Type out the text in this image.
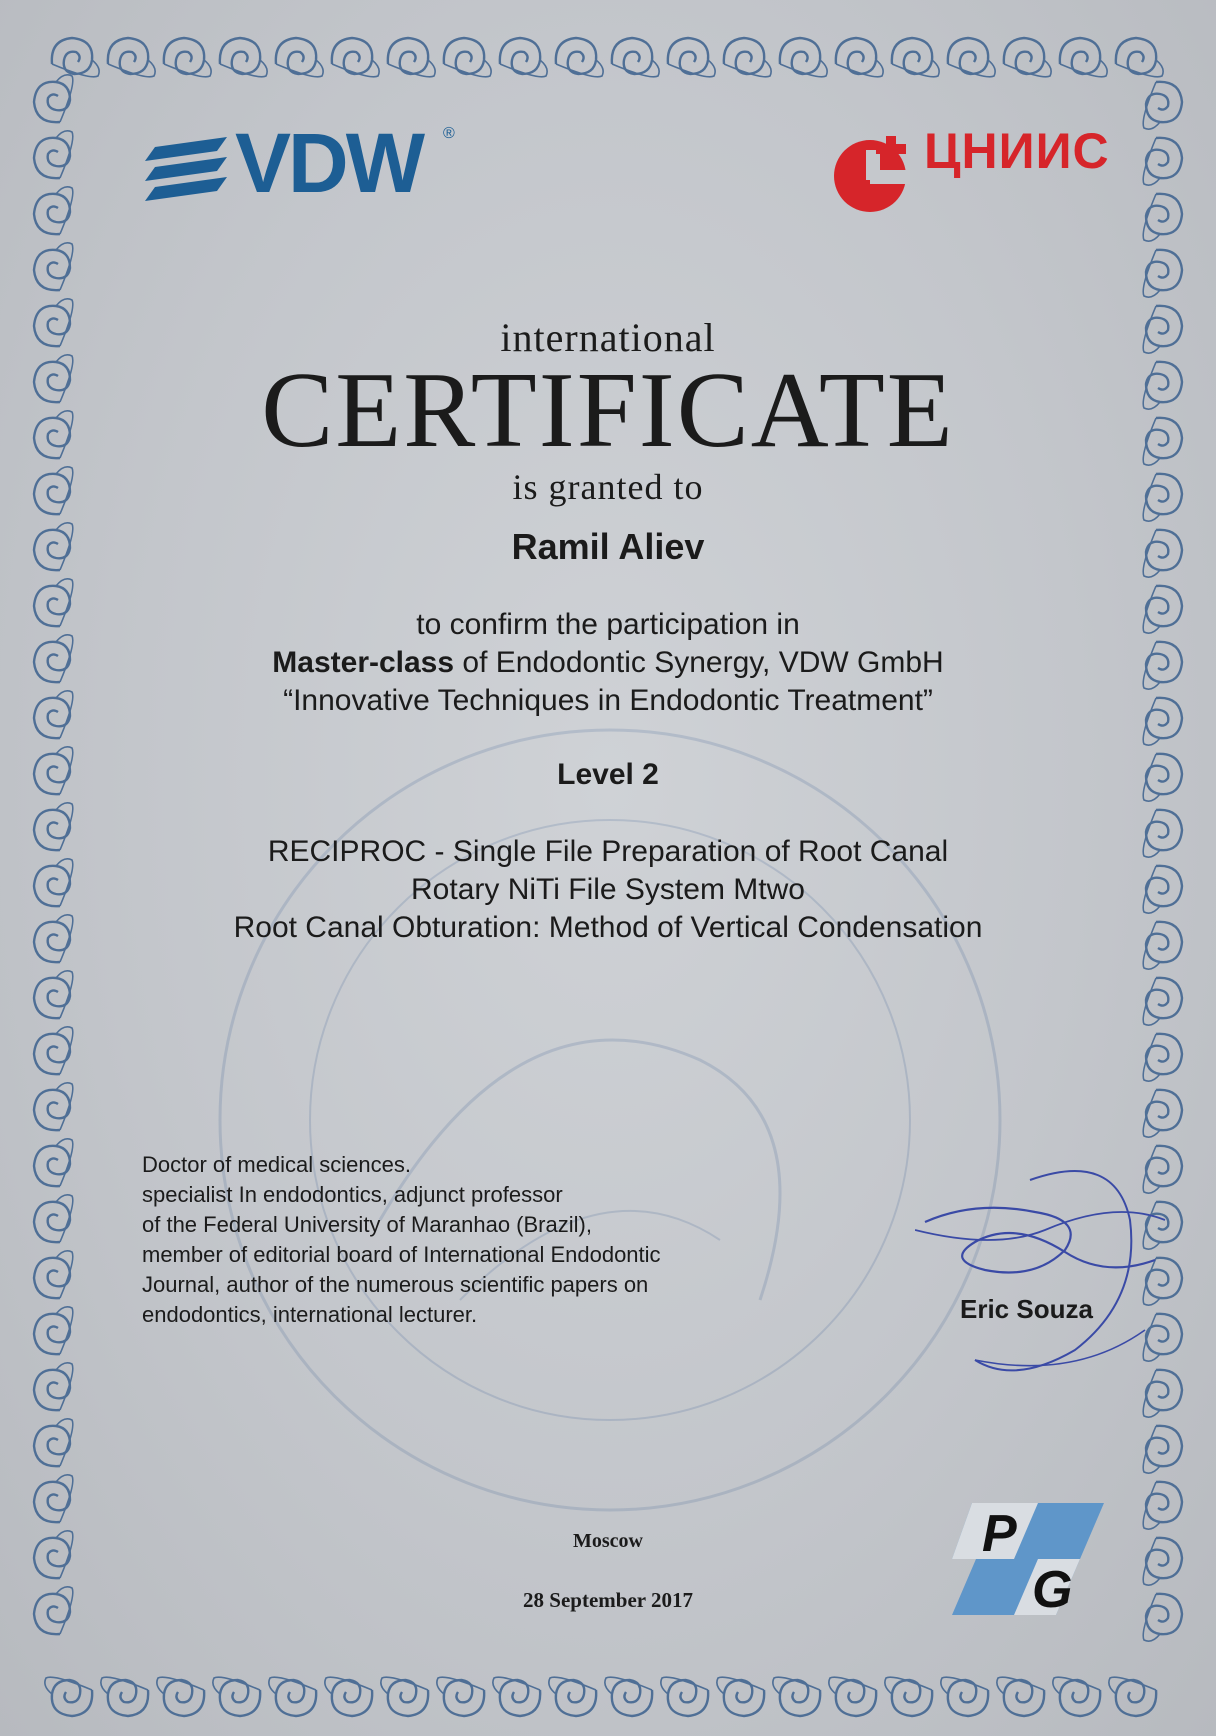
VDW ®	ЦНИИС
international
CERTIFICATE
is granted to
Ramil Aliev
to confirm the participation in
Master-class of Endodontic Synergy, VDW GmbH
“Innovative Techniques in Endodontic Treatment”
Level 2
RECIPROC - Single File Preparation of Root Canal
Rotary NiTi File System Mtwo
Root Canal Obturation: Method of Vertical Condensation
Doctor of medical sciences.
specialist In endodontics, adjunct professor
of the Federal University of Maranhao (Brazil),
member of editorial board of International Endodontic
Journal, author of the numerous scientific papers on
endodontics, international lecturer.	Eric Souza
Moscow
28 September 2017
P
G
